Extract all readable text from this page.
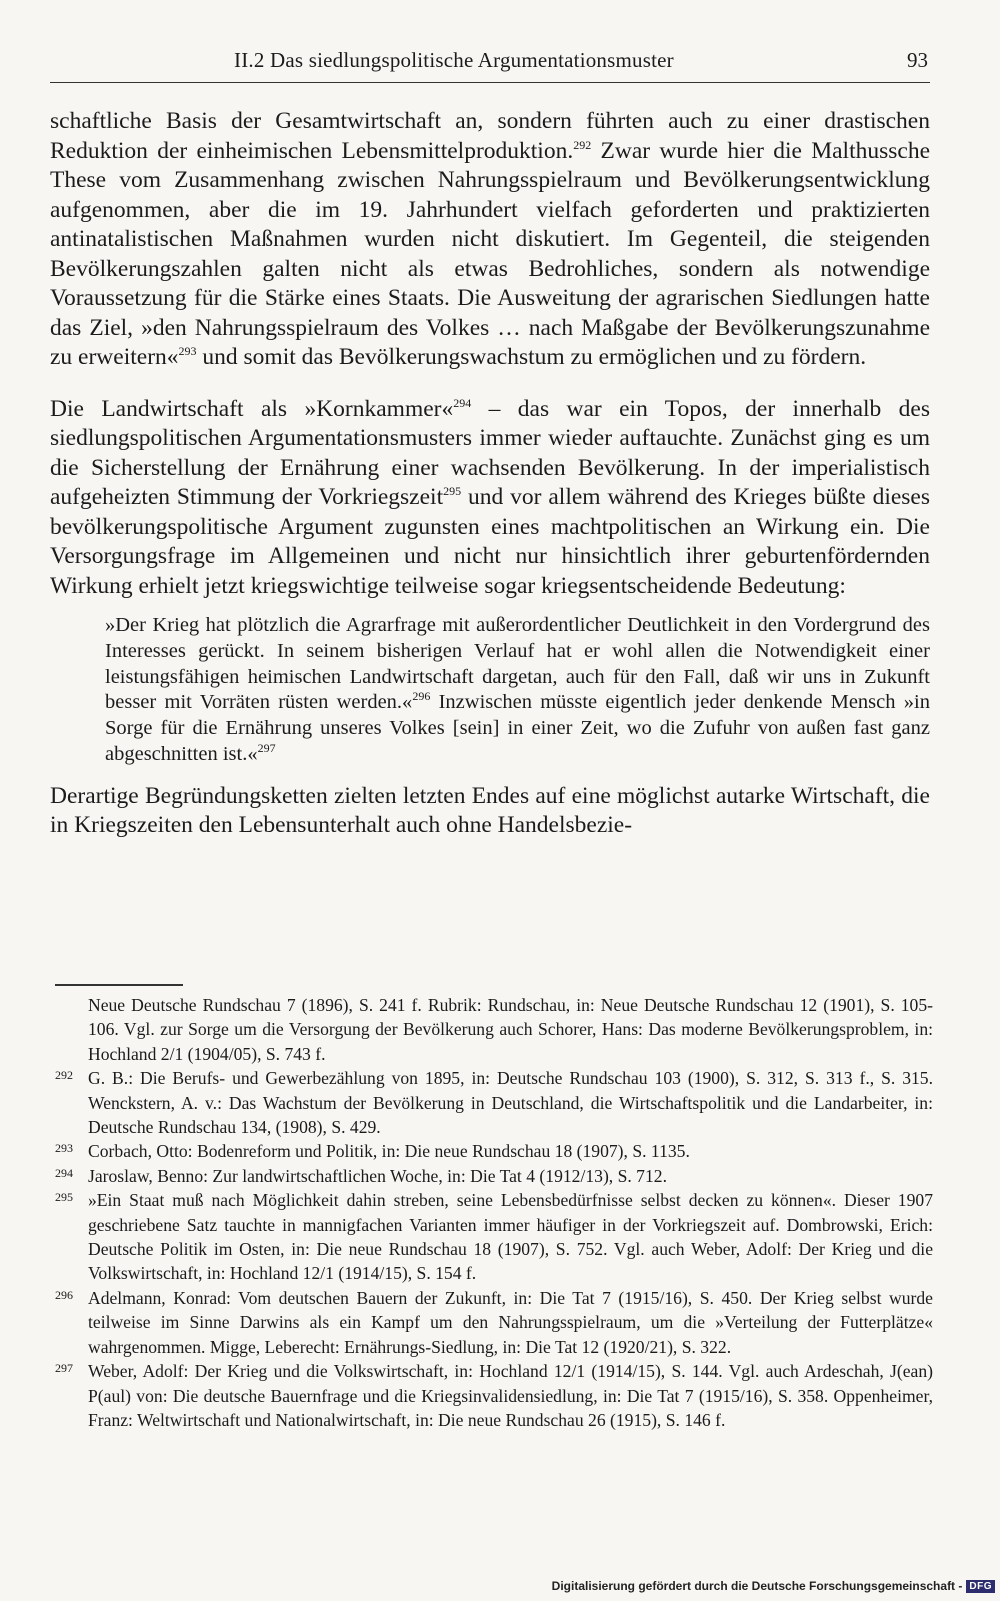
II.2 Das siedlungspolitische Argumentationsmuster	93

schaftliche Basis der Gesamtwirtschaft an, sondern führten auch zu einer drastischen Reduktion der einheimischen Lebensmittelproduktion.$^{292}$ Zwar wurde hier die Malthussche These vom Zusammenhang zwischen Nahrungsspielraum und Bevölkerungsentwicklung aufgenommen, aber die im 19. Jahrhundert vielfach geforderten und praktizierten antinatalistischen Maßnahmen wurden nicht diskutiert. Im Gegenteil, die steigenden Bevölkerungszahlen galten nicht als etwas Bedrohliches, sondern als notwendige Voraussetzung für die Stärke eines Staats. Die Ausweitung der agrarischen Siedlungen hatte das Ziel, »den Nahrungsspielraum des Volkes … nach Maßgabe der Bevölkerungszunahme zu erweitern«$^{293}$ und somit das Bevölkerungswachstum zu ermöglichen und zu fördern.

Die Landwirtschaft als »Kornkammer«$^{294}$ – das war ein Topos, der innerhalb des siedlungspolitischen Argumentationsmusters immer wieder auftauchte. Zunächst ging es um die Sicherstellung der Ernährung einer wachsenden Bevölkerung. In der imperialistisch aufgeheizten Stimmung der Vorkriegszeit$^{295}$ und vor allem während des Krieges büßte dieses bevölkerungspolitische Argument zugunsten eines machtpolitischen an Wirkung ein. Die Versorgungsfrage im Allgemeinen und nicht nur hinsichtlich ihrer geburtenfördernden Wirkung erhielt jetzt kriegswichtige teilweise sogar kriegsentscheidende Bedeutung:

»Der Krieg hat plötzlich die Agrarfrage mit außerordentlicher Deutlichkeit in den Vordergrund des Interesses gerückt. In seinem bisherigen Verlauf hat er wohl allen die Notwendigkeit einer leistungsfähigen heimischen Landwirtschaft dargetan, auch für den Fall, daß wir uns in Zukunft besser mit Vorräten rüsten werden.«$^{296}$ Inzwischen müsste eigentlich jeder denkende Mensch »in Sorge für die Ernährung unseres Volkes [sein] in einer Zeit, wo die Zufuhr von außen fast ganz abgeschnitten ist.«$^{297}$

Derartige Begründungsketten zielten letzten Endes auf eine möglichst autarke Wirtschaft, die in Kriegszeiten den Lebensunterhalt auch ohne Handelsbezie-

Neue Deutsche Rundschau 7 (1896), S. 241 f. Rubrik: Rundschau, in: Neue Deutsche Rundschau 12 (1901), S. 105-106. Vgl. zur Sorge um die Versorgung der Bevölkerung auch Schorer, Hans: Das moderne Bevölkerungsproblem, in: Hochland 2/1 (1904/05), S. 743 f.
292 G. B.: Die Berufs- und Gewerbezählung von 1895, in: Deutsche Rundschau 103 (1900), S. 312, S. 313 f., S. 315. Wenckstern, A. v.: Das Wachstum der Bevölkerung in Deutschland, die Wirtschaftspolitik und die Landarbeiter, in: Deutsche Rundschau 134, (1908), S. 429.
293 Corbach, Otto: Bodenreform und Politik, in: Die neue Rundschau 18 (1907), S. 1135.
294 Jaroslaw, Benno: Zur landwirtschaftlichen Woche, in: Die Tat 4 (1912/13), S. 712.
295 »Ein Staat muß nach Möglichkeit dahin streben, seine Lebensbedürfnisse selbst decken zu können«. Dieser 1907 geschriebene Satz tauchte in mannigfachen Varianten immer häufiger in der Vorkriegszeit auf. Dombrowski, Erich: Deutsche Politik im Osten, in: Die neue Rundschau 18 (1907), S. 752. Vgl. auch Weber, Adolf: Der Krieg und die Volkswirtschaft, in: Hochland 12/1 (1914/15), S. 154 f.
296 Adelmann, Konrad: Vom deutschen Bauern der Zukunft, in: Die Tat 7 (1915/16), S. 450. Der Krieg selbst wurde teilweise im Sinne Darwins als ein Kampf um den Nahrungsspielraum, um die »Verteilung der Futterplätze« wahrgenommen. Migge, Leberecht: Ernährungs-Siedlung, in: Die Tat 12 (1920/21), S. 322.
297 Weber, Adolf: Der Krieg und die Volkswirtschaft, in: Hochland 12/1 (1914/15), S. 144. Vgl. auch Ardeschah, J(ean) P(aul) von: Die deutsche Bauernfrage und die Kriegsinvalidensiedlung, in: Die Tat 7 (1915/16), S. 358. Oppenheimer, Franz: Weltwirtschaft und Nationalwirtschaft, in: Die neue Rundschau 26 (1915), S. 146 f.
Digitalisierung gefördert durch die Deutsche Forschungsgemeinschaft - DFG
